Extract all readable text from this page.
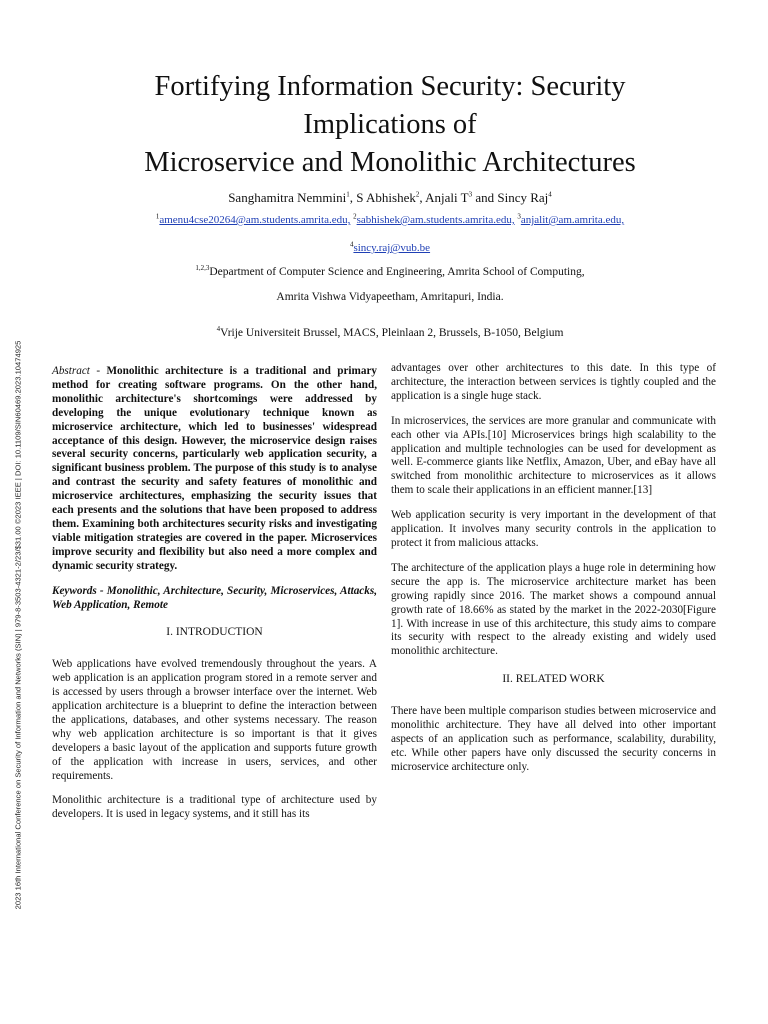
2023 16th International Conference on Security of Information and Networks (SIN) | 979-8-3503-4321-2/23/$31.00 ©2023 IEEE | DOI: 10.1109/SIN60469.2023.10474925
Fortifying Information Security: Security
Implications of
Microservice and Monolithic Architectures
Sanghamitra Nemmini$^1$, S Abhishek$^2$, Anjali $T^3$ and Sincy Raj$^4$
$^1$amenu4cse20264@am.students.amrita.edu, $^2$sabhishek@am.students.amrita.edu, $^3$anjalit@am.amrita.edu,
$^4$sincy.raj@vub.be
$^{1,2,3}$Department of Computer Science and Engineering, Amrita School of Computing,
Amrita Vishwa Vidyapeetham, Amritapuri, India.
$^4$Vrije Universiteit Brussel, MACS, Pleinlaan 2, Brussels, B-1050, Belgium

Abstract - Monolithic architecture is a traditional and primary method for creating software programs. On the other hand, monolithic architecture's shortcomings were addressed by developing the unique evolutionary technique known as microservice architecture, which led to businesses' widespread acceptance of this design. However, the microservice design raises several security concerns, particularly web application security, a significant business problem. The purpose of this study is to analyse and contrast the security and safety features of monolithic and microservice architectures, emphasizing the security issues that each presents and the solutions that have been proposed to address them. Examining both architectures security risks and investigating viable mitigation strategies are covered in the paper. Microservices improve security and flexibility but also need a more complex and dynamic security strategy.

Keywords - Monolithic, Architecture, Security, Microservices, Attacks, Web Application, Remote

I. INTRODUCTION

Web applications have evolved tremendously throughout the years. A web application is an application program stored in a remote server and is accessed by users through a browser interface over the internet. Web application architecture is a blueprint to define the interaction between the applications, databases, and other systems necessary. The reason why web application architecture is so important is that it gives developers a basic layout of the application and supports future growth of the application with increase in users, services, and other requirements.

Monolithic architecture is a traditional type of architecture used by developers. It is used in legacy systems, and it still has its

advantages over other architectures to this date. In this type of architecture, the interaction between services is tightly coupled and the application is a single huge stack.

In microservices, the services are more granular and communicate with each other via APIs.[10] Microservices brings high scalability to the application and multiple technologies can be used for development as well. E-commerce giants like Netflix, Amazon, Uber, and eBay have all switched from monolithic architecture to microservices as it allows them to scale their applications in an efficient manner.[13]

Web application security is very important in the development of that application. It involves many security controls in the application to protect it from malicious attacks.

The architecture of the application plays a huge role in determining how secure the app is. The microservice architecture market has been growing rapidly since 2016. The market shows a compound annual growth rate of 18.66% as stated by the market in the 2022-2030[Figure 1]. With increase in use of this architecture, this study aims to compare its security with respect to the already existing and widely used monolithic architecture.

II. RELATED WORK

There have been multiple comparison studies between microservice and monolithic architecture. They have all delved into other important aspects of an application such as performance, scalability, durability, etc. While other papers have only discussed the security concerns in microservice architecture only.
